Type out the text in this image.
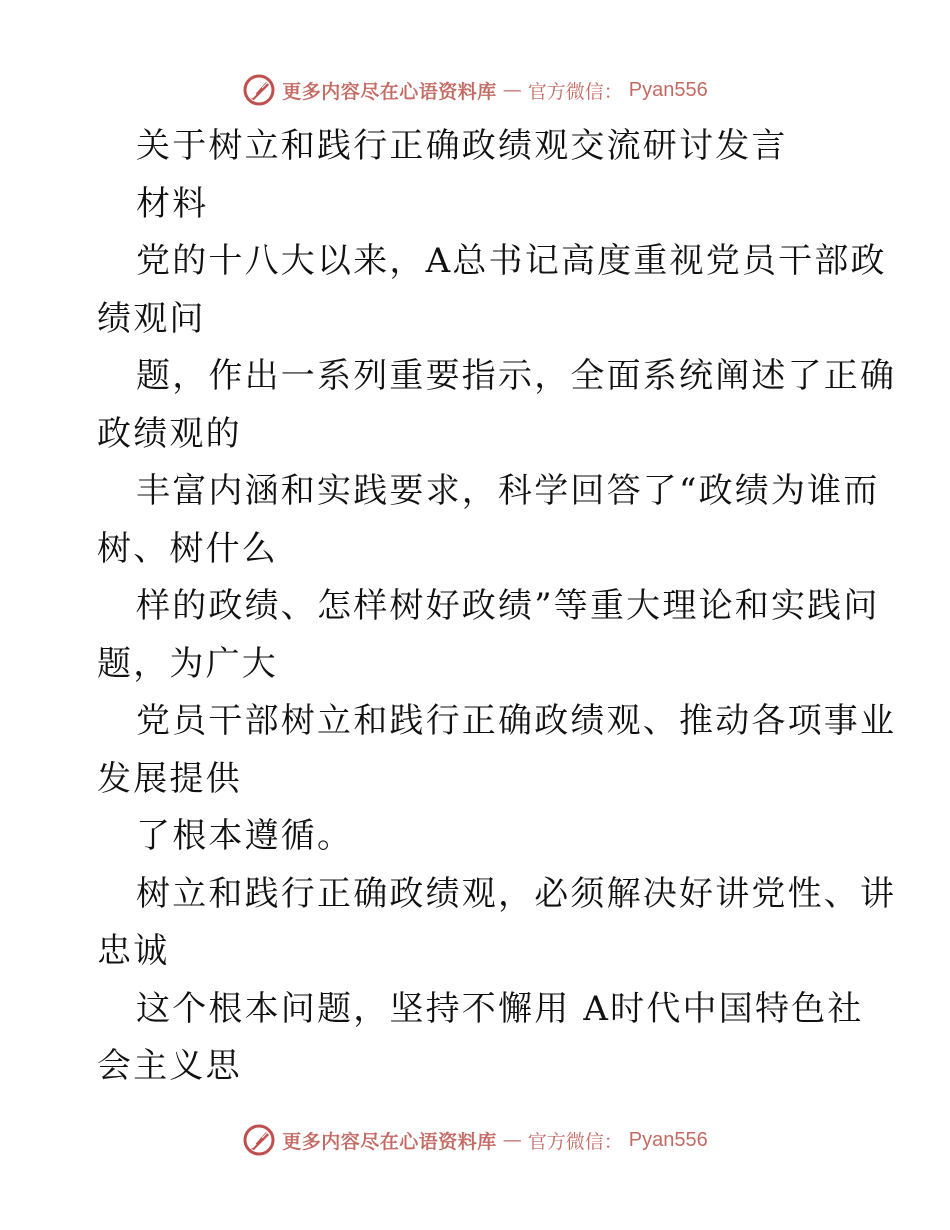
更多内容尽在心语资料库 — 官方微信： Pyan556
关于树立和践行正确政绩观交流研讨发言
材料
党的十八大以来，A总书记高度重视党员干部政
绩观问
题，作出一系列重要指示，全面系统阐述了正确
政绩观的
丰富内涵和实践要求，科学回答了“政绩为谁而
树、树什么
样的政绩、怎样树好政绩”等重大理论和实践问
题，为广大
党员干部树立和践行正确政绩观、推动各项事业
发展提供
了根本遵循。
树立和践行正确政绩观，必须解决好讲党性、讲
忠诚
这个根本问题，坚持不懈用 A时代中国特色社
会主义思
更多内容尽在心语资料库 — 官方微信： Pyan556
